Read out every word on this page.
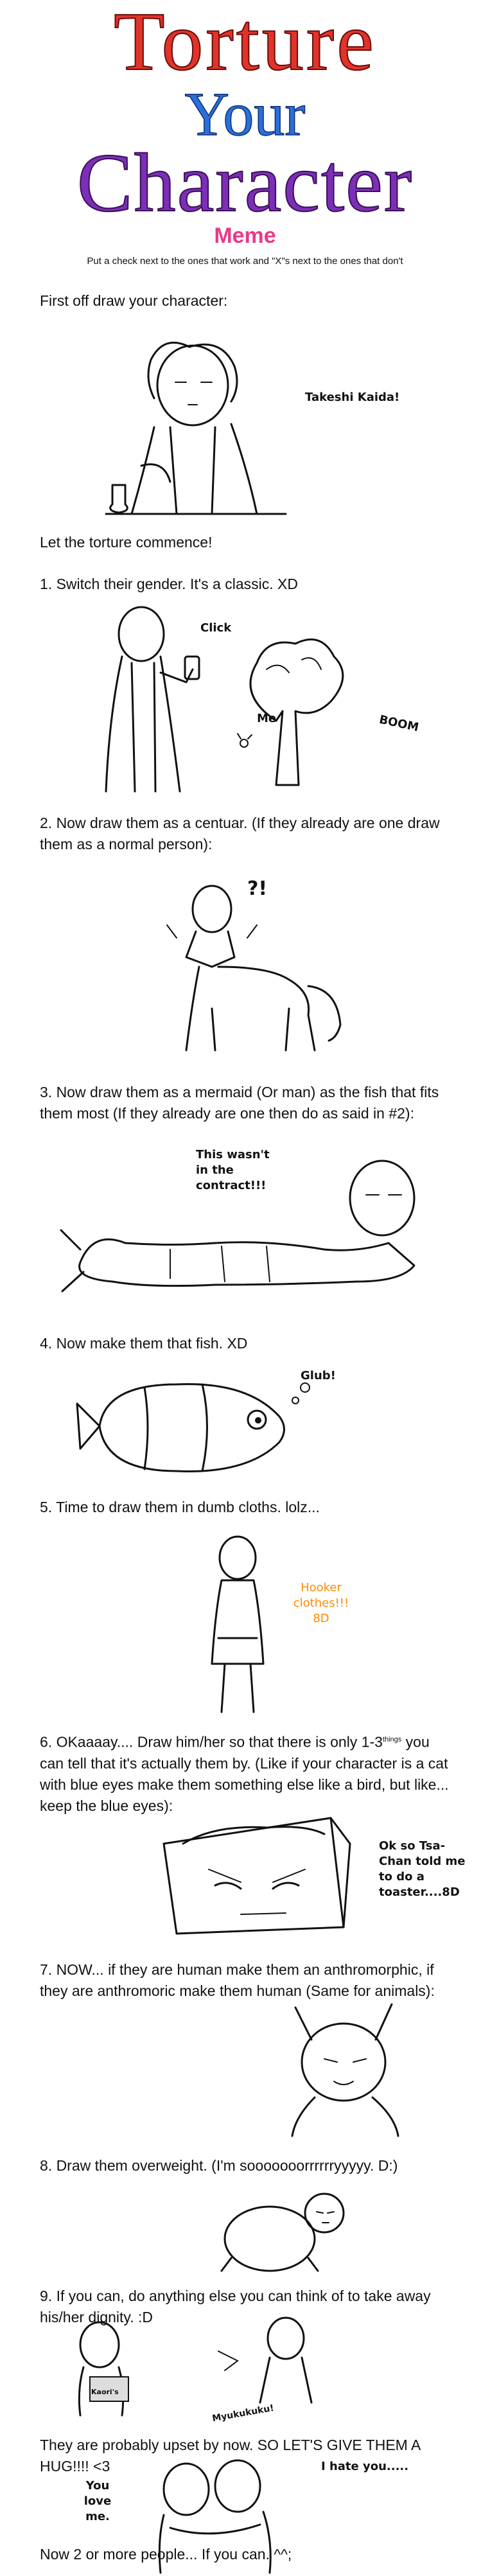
Torture
Your
Character
Meme
Put a check next to the ones that work and "X"s next to the ones that don't
First off draw your character:
Takeshi Kaida!
Let the torture commence!
1. Switch their gender. It's a classic. XD
Click
Me	BOOM
2. Now draw them as a centuar. (If they already are one draw them as a normal person):
?!
3. Now draw them as a mermaid (Or man) as the fish that fits them most (If they already are one then do as said in #2):
This wasn't in the contract!!!
4. Now make them that fish. XD
Glub!
5. Time to draw them in dumb cloths. lolz...
Hooker clothes!!!
8D
6. OKaaaay.... Draw him/her so that there is only $1-3^{things}$ you can tell that it's actually them by. (Like if your character is a cat with blue eyes make them something else like a bird, but like... keep the blue eyes):
Ok so Tsa-Chan told me to do a toaster....8D
7. NOW... if they are human make them an anthromorphic, if they are anthromoric make them human (Same for animals):
8. Draw them overweight. (I'm sooooooorrrrrryyyyy. D:)
9. If you can, do anything else you can think of to take away his/her dignity. :D
Kaori's
Myukukuku!
They are probably upset by now. SO LET'S GIVE THEM A HUG!!!! <3
You love me.
I hate you.....
Now 2 or more people... If you can. ^^;
